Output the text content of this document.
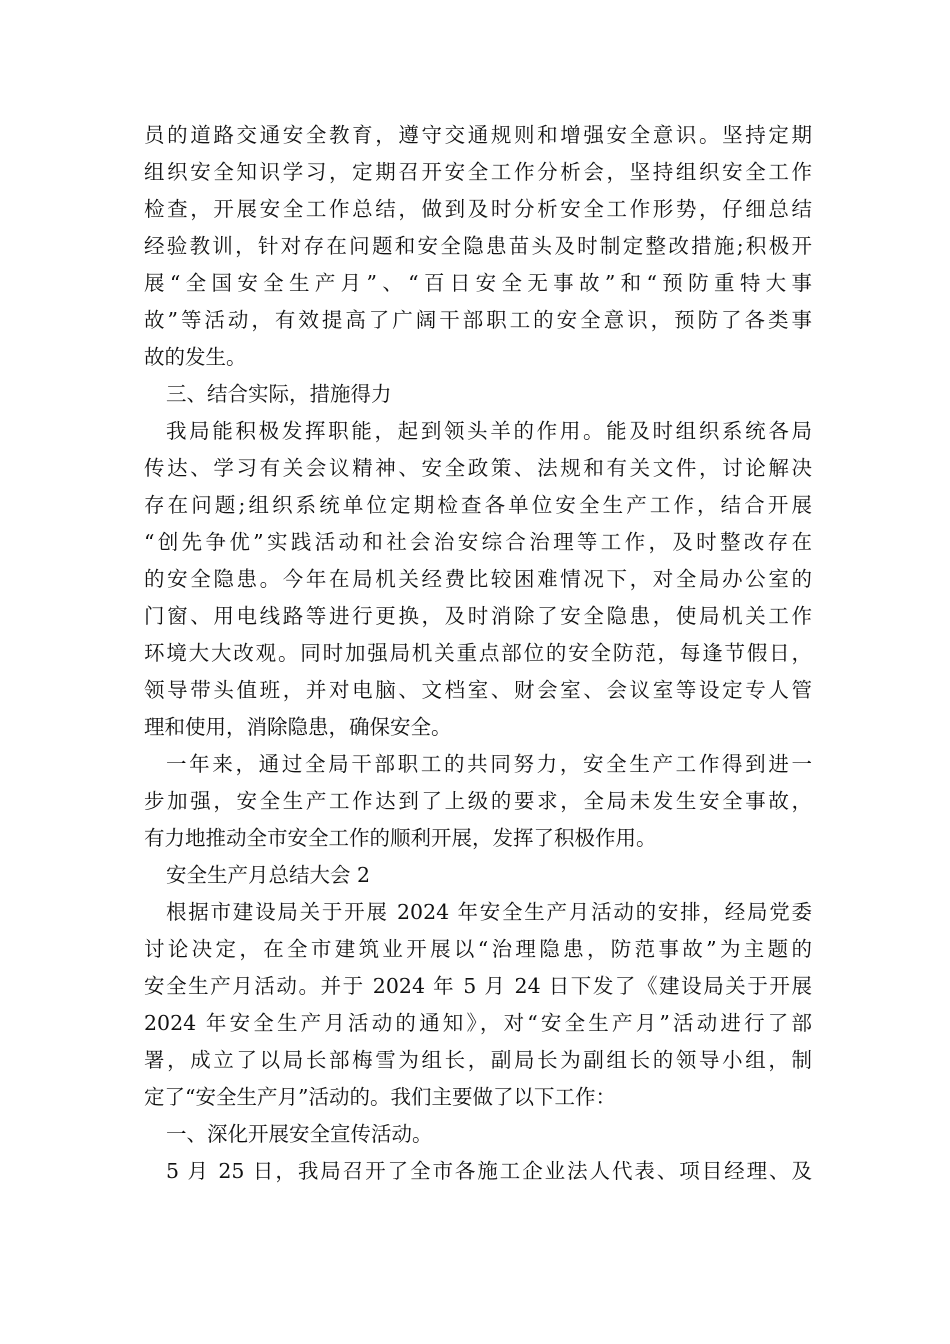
员的道路交通安全教育，遵守交通规则和增强安全意识。坚持定期
组织安全知识学习，定期召开安全工作分析会，坚持组织安全工作
检查，开展安全工作总结，做到及时分析安全工作形势，仔细总结
经验教训，针对存在问题和安全隐患苗头及时制定整改措施;积极开
展“全国安全生产月”、“百日安全无事故”和“预防重特大事
故”等活动，有效提高了广阔干部职工的安全意识，预防了各类事
故的发生。
三、结合实际，措施得力
我局能积极发挥职能，起到领头羊的作用。能及时组织系统各局
传达、学习有关会议精神、安全政策、法规和有关文件，讨论解决
存在问题;组织系统单位定期检查各单位安全生产工作，结合开展
“创先争优”实践活动和社会治安综合治理等工作，及时整改存在
的安全隐患。今年在局机关经费比较困难情况下，对全局办公室的
门窗、用电线路等进行更换，及时消除了安全隐患，使局机关工作
环境大大改观。同时加强局机关重点部位的安全防范，每逢节假日，
领导带头值班，并对电脑、文档室、财会室、会议室等设定专人管
理和使用，消除隐患，确保安全。
一年来，通过全局干部职工的共同努力，安全生产工作得到进一
步加强，安全生产工作达到了上级的要求，全局未发生安全事故，
有力地推动全市安全工作的顺利开展，发挥了积极作用。
安全生产月总结大会 2
根据市建设局关于开展 2024 年安全生产月活动的安排，经局党委
讨论决定，在全市建筑业开展以“治理隐患，防范事故”为主题的
安全生产月活动。并于 2024 年 5 月 24 日下发了《建设局关于开展
2024 年安全生产月活动的通知》，对“安全生产月”活动进行了部
署，成立了以局长部梅雪为组长，副局长为副组长的领导小组，制
定了“安全生产月”活动的。我们主要做了以下工作：
一、深化开展安全宣传活动。
5 月 25 日，我局召开了全市各施工企业法人代表、项目经理、及
